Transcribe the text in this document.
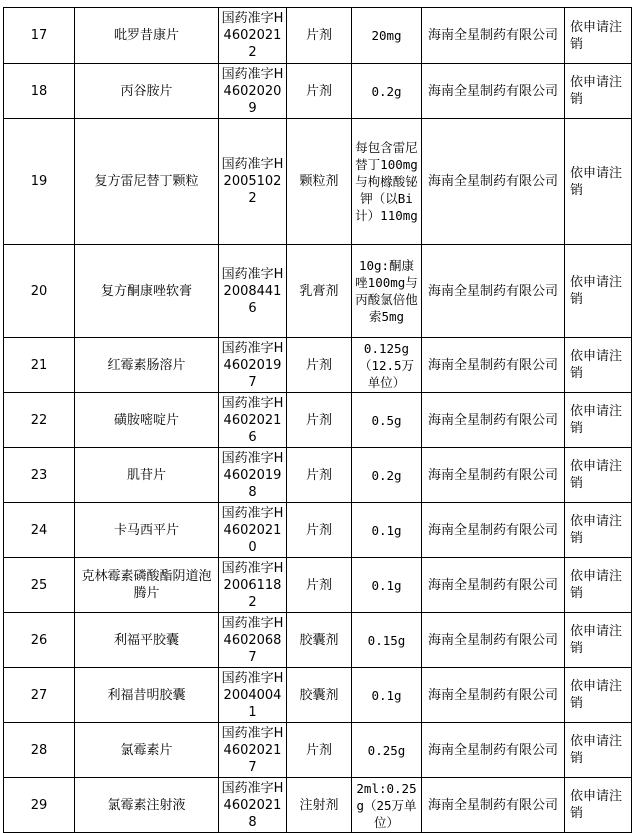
17	吡罗昔康片	国药准字H46020212	片剂	20mg	海南全星制药有限公司	依申请注销
18	丙谷胺片	国药准字H46020209	片剂	0.2g	海南全星制药有限公司	依申请注销
19	复方雷尼替丁颗粒	国药准字H20051022	颗粒剂	每包含雷尼替丁100mg与枸橼酸铋钾（以Bi计）110mg	海南全星制药有限公司	依申请注销
20	复方酮康唑软膏	国药准字H20084416	乳膏剂	10g:酮康唑100mg与丙酸氯倍他索5mg	海南全星制药有限公司	依申请注销
21	红霉素肠溶片	国药准字H46020197	片剂	0.125g（12.5万单位）	海南全星制药有限公司	依申请注销
22	磺胺嘧啶片	国药准字H46020216	片剂	0.5g	海南全星制药有限公司	依申请注销
23	肌苷片	国药准字H46020198	片剂	0.2g	海南全星制药有限公司	依申请注销
24	卡马西平片	国药准字H46020210	片剂	0.1g	海南全星制药有限公司	依申请注销
25	克林霉素磷酸酯阴道泡腾片	国药准字H20061182	片剂	0.1g	海南全星制药有限公司	依申请注销
26	利福平胶囊	国药准字H46020687	胶囊剂	0.15g	海南全星制药有限公司	依申请注销
27	利福昔明胶囊	国药准字H20040041	胶囊剂	0.1g	海南全星制药有限公司	依申请注销
28	氯霉素片	国药准字H46020217	片剂	0.25g	海南全星制药有限公司	依申请注销
29	氯霉素注射液	国药准字H46020218	注射剂	2ml:0.25g（25万单位）	海南全星制药有限公司	依申请注销
